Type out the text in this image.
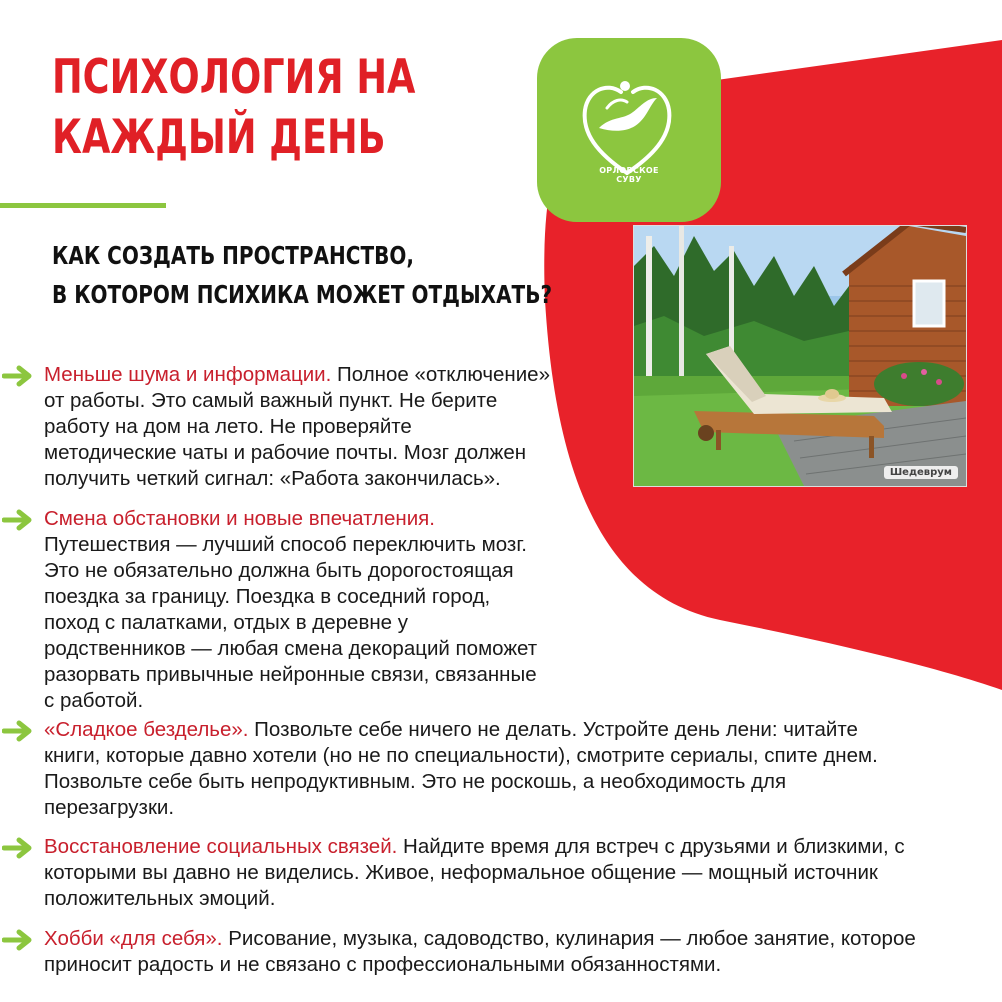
ОРЛОВСКОЕ
СУВУ
ПСИХОЛОГИЯ НА
КАЖДЫЙ ДЕНЬ
КАК СОЗДАТЬ ПРОСТРАНСТВО,
В КОТОРОМ ПСИХИКА МОЖЕТ ОТДЫХАТЬ?
Шедеврум

Меньше шума и информации. Полное «отключение»
от работы. Это самый важный пункт. Не берите
работу на дом на лето. Не проверяйте
методические чаты и рабочие почты. Мозг должен
получить четкий сигнал: «Работа закончилась».

Смена обстановки и новые впечатления.
Путешествия — лучший способ переключить мозг.
Это не обязательно должна быть дорогостоящая
поездка за границу. Поездка в соседний город,
поход с палатками, отдых в деревне у
родственников — любая смена декораций поможет
разорвать привычные нейронные связи, связанные
с работой.

«Сладкое безделье». Позвольте себе ничего не делать. Устройте день лени: читайте
книги, которые давно хотели (но не по специальности), смотрите сериалы, спите днем.
Позвольте себе быть непродуктивным. Это не роскошь, а необходимость для
перезагрузки.

Восстановление социальных связей. Найдите время для встреч с друзьями и близкими, с
которыми вы давно не виделись. Живое, неформальное общение — мощный источник
положительных эмоций.

Хобби «для себя». Рисование, музыка, садоводство, кулинария — любое занятие, которое
приносит радость и не связано с профессиональными обязанностями.
